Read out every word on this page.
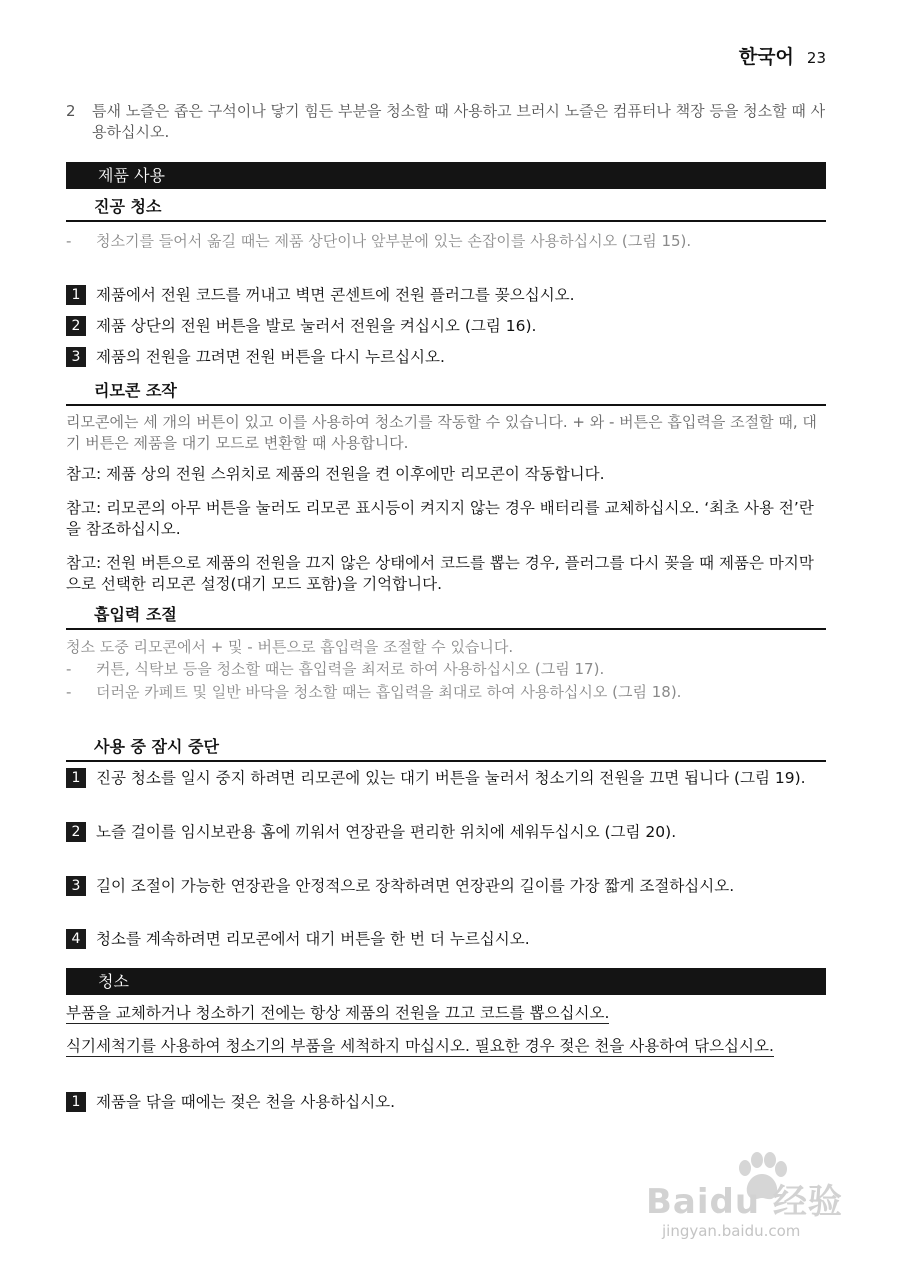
한국어 23
2 틈새 노즐은 좁은 구석이나 닿기 힘든 부분을 청소할 때 사용하고 브러시 노즐은 컴퓨터나 책장 등을 청소할 때 사용하십시오.
제품 사용
진공 청소
- 청소기를 들어서 옮길 때는 제품 상단이나 앞부분에 있는 손잡이를 사용하십시오 (그림 15).
1	제품에서 전원 코드를 꺼내고 벽면 콘센트에 전원 플러그를 꽂으십시오.
2	제품 상단의 전원 버튼을 발로 눌러서 전원을 켜십시오 (그림 16).
3	제품의 전원을 끄려면 전원 버튼을 다시 누르십시오.
리모콘 조작

리모콘에는 세 개의 버튼이 있고 이를 사용하여 청소기를 작동할 수 있습니다. + 와 - 버튼은 흡입력을 조절할 때, 대기 버튼은 제품을 대기 모드로 변환할 때 사용합니다.

참고: 제품 상의 전원 스위치로 제품의 전원을 켠 이후에만 리모콘이 작동합니다.
참고: 리모콘의 아무 버튼을 눌러도 리모콘 표시등이 켜지지 않는 경우 배터리를 교체하십시오. ‘최초 사용 전’란을 참조하십시오.
참고: 전원 버튼으로 제품의 전원을 끄지 않은 상태에서 코드를 뽑는 경우, 플러그를 다시 꽂을 때 제품은 마지막으로 선택한 리모콘 설정(대기 모드 포함)을 기억합니다.
흡입력 조절

청소 도중 리모콘에서 + 및 - 버튼으로 흡입력을 조절할 수 있습니다.

- 커튼, 식탁보 등을 청소할 때는 흡입력을 최저로 하여 사용하십시오 (그림 17).
- 더러운 카페트 및 일반 바닥을 청소할 때는 흡입력을 최대로 하여 사용하십시오 (그림 18).
사용 중 잠시 중단
1	진공 청소를 일시 중지 하려면 리모콘에 있는 대기 버튼을 눌러서 청소기의 전원을 끄면 됩니다 (그림 19).
2	노즐 걸이를 임시보관용 홈에 끼워서 연장관을 편리한 위치에 세워두십시오 (그림 20).
3	길이 조절이 가능한 연장관을 안정적으로 장착하려면 연장관의 길이를 가장 짧게 조절하십시오.
4	청소를 계속하려면 리모콘에서 대기 버튼을 한 번 더 누르십시오.
청소
부품을 교체하거나 청소하기 전에는 항상 제품의 전원을 끄고 코드를 뽑으십시오.
식기세척기를 사용하여 청소기의 부품을 세척하지 마십시오. 필요한 경우 젖은 천을 사용하여 닦으십시오.
1	제품을 닦을 때에는 젖은 천을 사용하십시오.
Baidu 经验
jingyan.baidu.com
